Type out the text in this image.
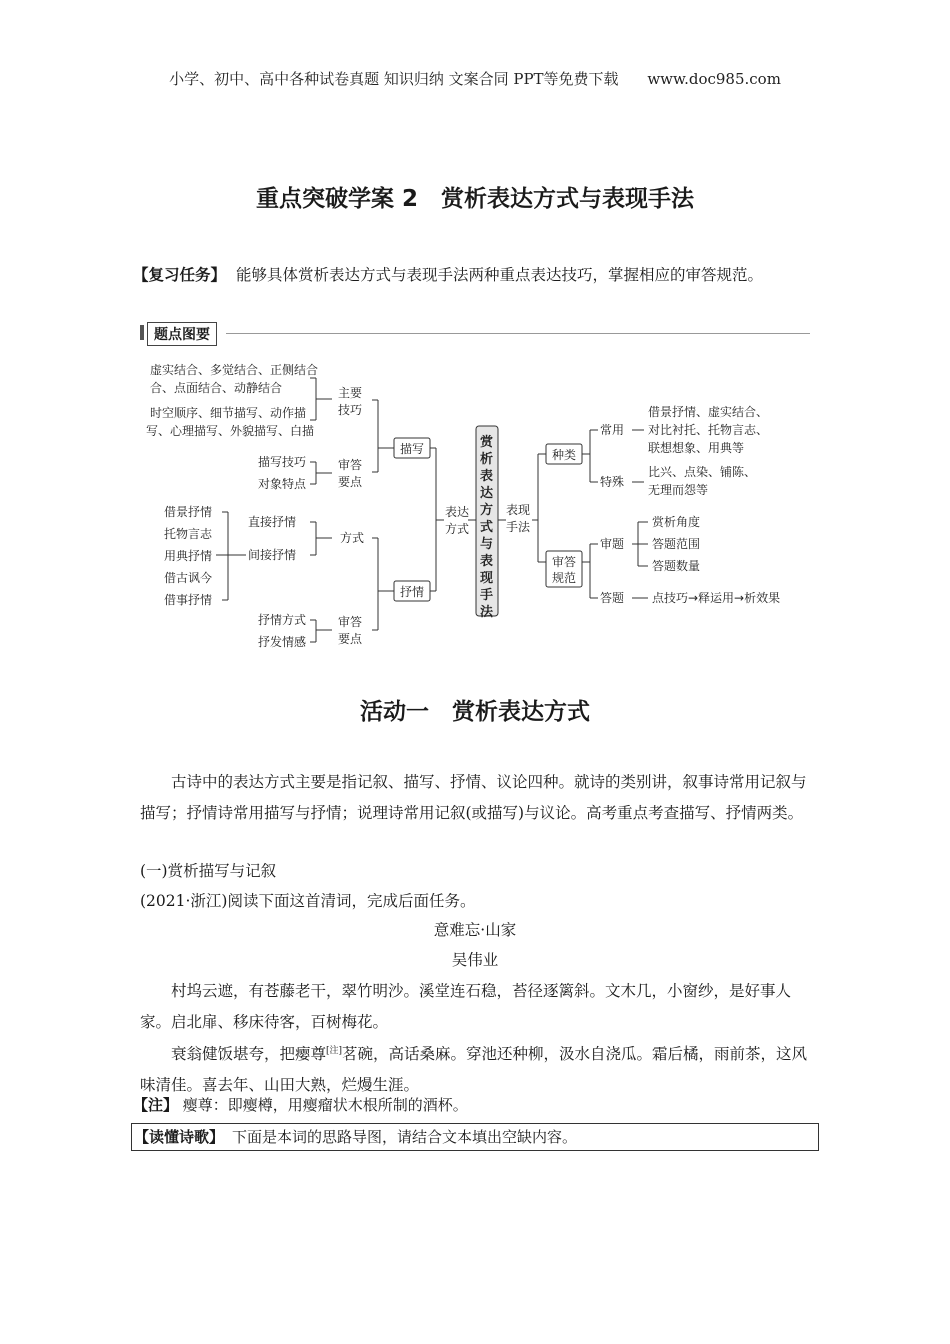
小学、初中、高中各种试卷真题 知识归纳 文案合同 PPT等免费下载 www.doc985.com
重点突破学案 2　赏析表达方式与表现手法
【复习任务】 能够具体赏析表达方式与表现手法两种重点表达技巧，掌握相应的审答规范。
题点图要
虚实结合、多觉结合、正侧结合
合、点面结合、动静结合
时空顺序、细节描写、动作描
写、心理描写、外貌描写、白描
主要技巧
描写技巧
对象特点
审答要点
描写
借景抒情
托物言志
用典抒情
借古讽今
借事抒情
直接抒情
间接抒情
方式
抒情方式
抒发情感
审答要点
抒情
表达方式
赏析表达方式与表现手法
表现手法
种类
常用
特殊
借景抒情、虚实结合、
对比衬托、托物言志、
联想想象、用典等
比兴、点染、铺陈、
无理而怨等
审答规范
审题
赏析角度
答题范围
答题数量
答题 点技巧→释运用→析效果
活动一　赏析表达方式
古诗中的表达方式主要是指记叙、描写、抒情、议论四种。就诗的类别讲，叙事诗常用记叙与描写；抒情诗常用描写与抒情；说理诗常用记叙(或描写)与议论。高考重点考查描写、抒情两类。
(一)赏析描写与记叙
(2021·浙江)阅读下面这首清词，完成后面任务。
意难忘·山家
吴伟业
村坞云遮，有苍藤老干，翠竹明沙。溪堂连石稳，苔径逐篱斜。文木几，小窗纱，是好事人家。启北扉、移床待客，百树梅花。
衰翁健饭堪夸，把瘿尊[注]茗碗，高话桑麻。穿池还种柳，汲水自浇瓜。霜后橘，雨前茶，这风味清佳。喜去年、山田大熟，烂熳生涯。
【注】 瘿尊：即瘿樽，用瘿瘤状木根所制的酒杯。
【读懂诗歌】 下面是本词的思路导图，请结合文本填出空缺内容。
